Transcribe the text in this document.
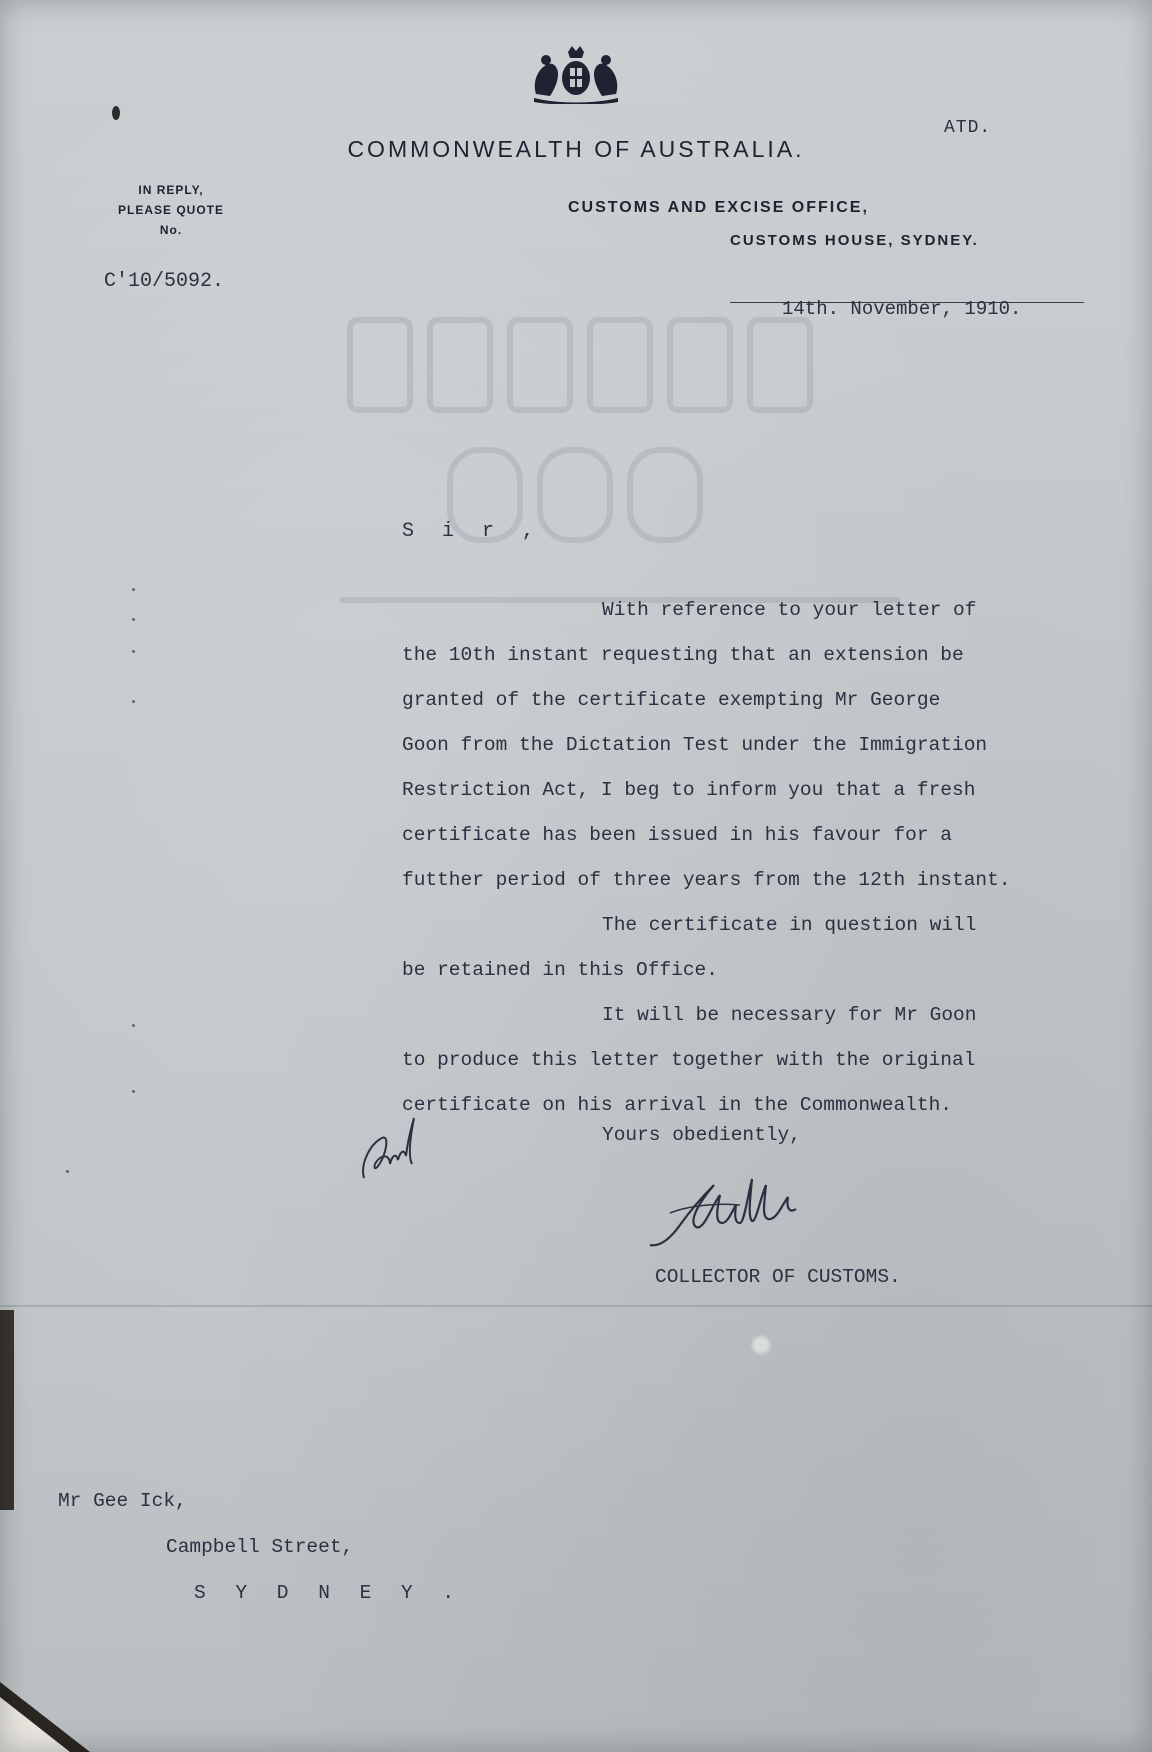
COMMONWEALTH OF AUSTRALIA.
ATD.
IN REPLY,
PLEASE QUOTE
No.
C'10/5092.
CUSTOMS AND EXCISE OFFICE,
CUSTOMS HOUSE, SYDNEY.
14th. November, 1910.
S i r ,
With reference to your letter of
the 10th instant requesting that an extension be
granted of the certificate exempting Mr George
Goon from the Dictation Test under the Immigration
Restriction Act, I beg to inform you that a fresh
certificate has been issued in his favour for a
futther period of three years from the 12th instant.
The certificate in question will
be retained in this Office.
It will be necessary for Mr Goon
to produce this letter together with the original
certificate on his arrival in the Commonwealth.
Yours obediently,
COLLECTOR OF CUSTOMS.
Mr Gee Ick,
Campbell Street,
S Y D N E Y .
